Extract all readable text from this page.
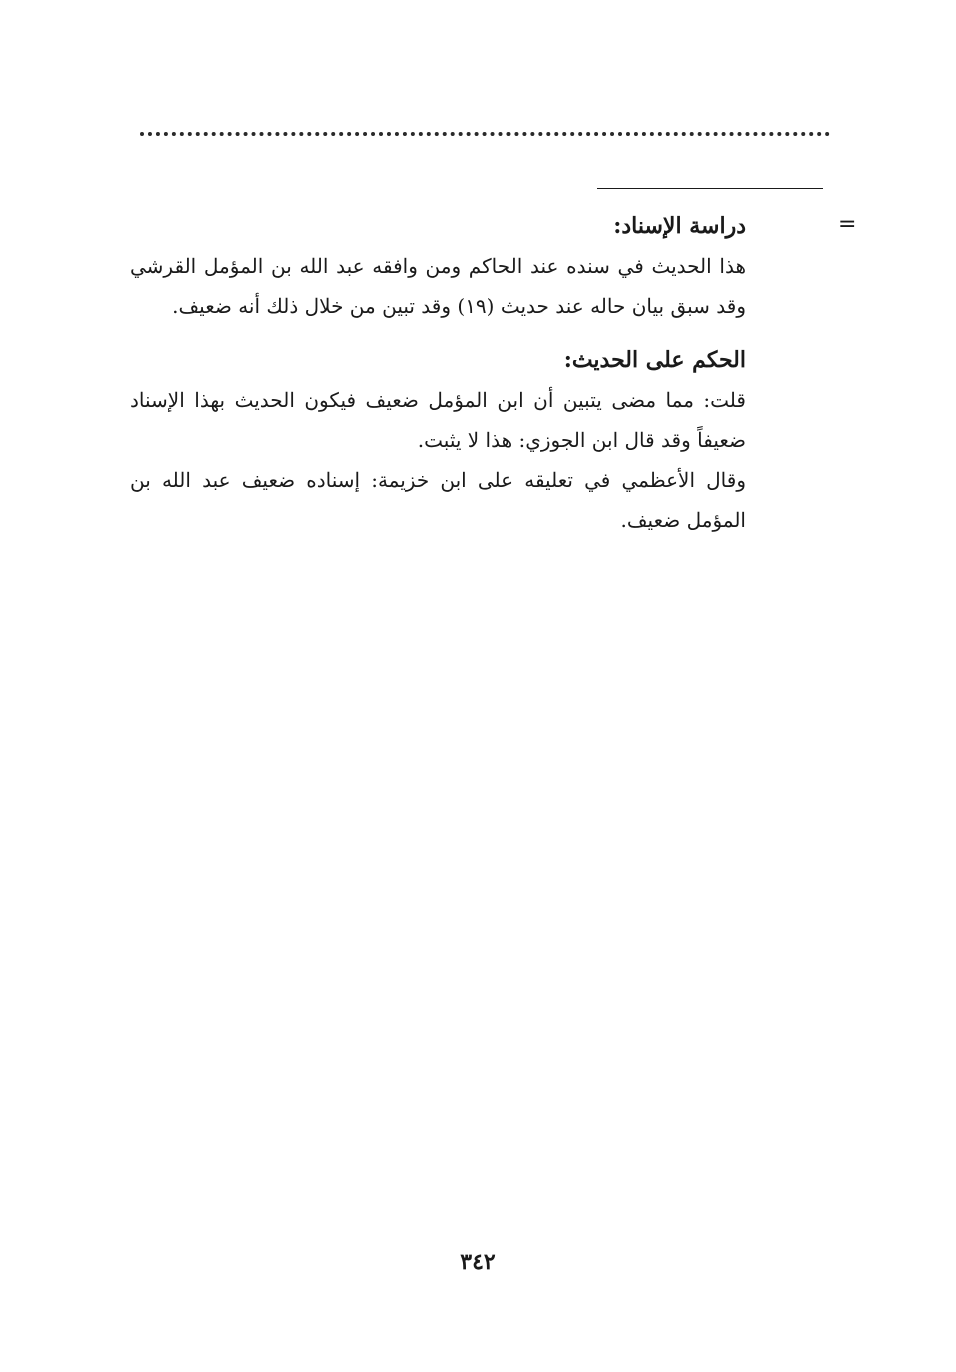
=

دراسة الإسناد:

هذا الحديث في سنده عند الحاكم ومن وافقه عبد الله بن المؤمل القرشي وقد سبق بيان حاله عند حديث (١٩) وقد تبين من خلال ذلك أنه ضعيف.

الحكم على الحديث:

قلت: مما مضى يتبين أن ابن المؤمل ضعيف فيكون الحديث بهذا الإسناد ضعيفاً وقد قال ابن الجوزي: هذا لا يثبت.

وقال الأعظمي في تعليقه على ابن خزيمة: إسناده ضعيف عبد الله بن المؤمل ضعيف.

٣٤٢
